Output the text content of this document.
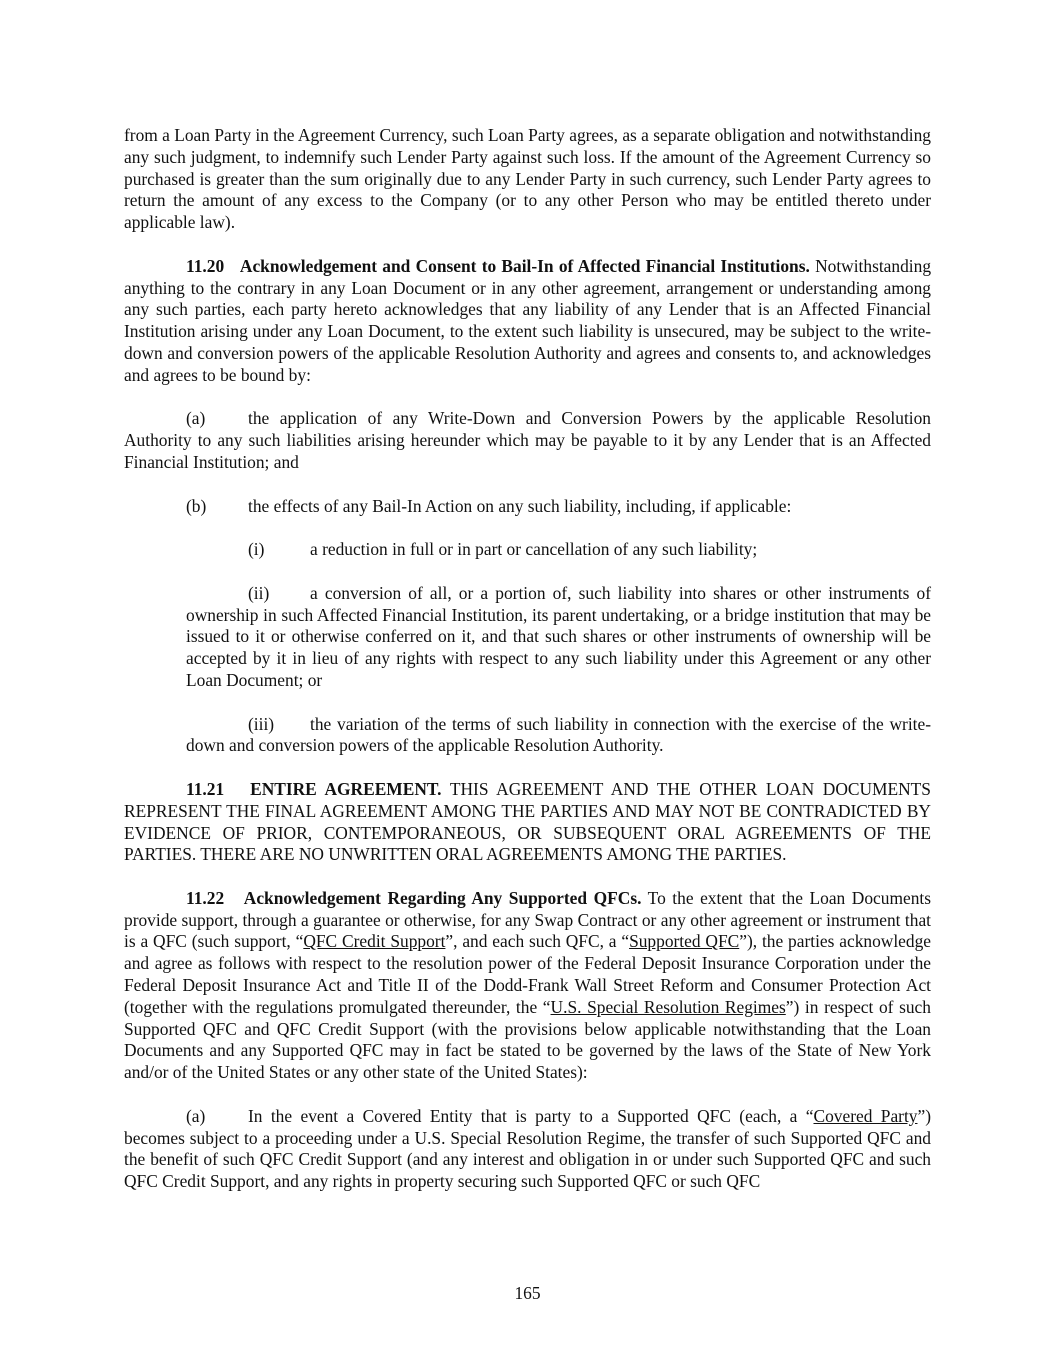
from a Loan Party in the Agreement Currency, such Loan Party agrees, as a separate obligation and notwithstanding any such judgment, to indemnify such Lender Party against such loss. If the amount of the Agreement Currency so purchased is greater than the sum originally due to any Lender Party in such currency, such Lender Party agrees to return the amount of any excess to the Company (or to any other Person who may be entitled thereto under applicable law).

11.20 Acknowledgement and Consent to Bail-In of Affected Financial Institutions. Notwithstanding anything to the contrary in any Loan Document or in any other agreement, arrangement or understanding among any such parties, each party hereto acknowledges that any liability of any Lender that is an Affected Financial Institution arising under any Loan Document, to the extent such liability is unsecured, may be subject to the write- down and conversion powers of the applicable Resolution Authority and agrees and consents to, and acknowledges and agrees to be bound by:

(a) the application of any Write-Down and Conversion Powers by the applicable Resolution Authority to any such liabilities arising hereunder which may be payable to it by any Lender that is an Affected Financial Institution; and

(b) the effects of any Bail-In Action on any such liability, including, if applicable:

(i)	a reduction in full or in part or cancellation of any such liability;

(ii) a conversion of all, or a portion of, such liability into shares or other instruments of ownership in such Affected Financial Institution, its parent undertaking, or a bridge institution that may be issued to it or otherwise conferred on it, and that such shares or other instruments of ownership will be accepted by it in lieu of any rights with respect to any such liability under this Agreement or any other Loan Document; or

(iii) the variation of the terms of such liability in connection with the exercise of the write-down and conversion powers of the applicable Resolution Authority.

11.21 ENTIRE AGREEMENT. THIS AGREEMENT AND THE OTHER LOAN DOCUMENTS REPRESENT THE FINAL AGREEMENT AMONG THE PARTIES AND MAY NOT BE CONTRADICTED BY EVIDENCE OF PRIOR, CONTEMPORANEOUS, OR SUBSEQUENT ORAL AGREEMENTS OF THE PARTIES. THERE ARE NO UNWRITTEN ORAL AGREEMENTS AMONG THE PARTIES.

11.22 Acknowledgement Regarding Any Supported QFCs. To the extent that the Loan Documents provide support, through a guarantee or otherwise, for any Swap Contract or any other agreement or instrument that is a QFC (such support, “QFC Credit Support”, and each such QFC, a “Supported QFC”), the parties acknowledge and agree as follows with respect to the resolution power of the Federal Deposit Insurance Corporation under the Federal Deposit Insurance Act and Title II of the Dodd-Frank Wall Street Reform and Consumer Protection Act (together with the regulations promulgated thereunder, the “U.S. Special Resolution Regimes”) in respect of such Supported QFC and QFC Credit Support (with the provisions below applicable notwithstanding that the Loan Documents and any Supported QFC may in fact be stated to be governed by the laws of the State of New York and/or of the United States or any other state of the United States):

(a) In the event a Covered Entity that is party to a Supported QFC (each, a “Covered Party”) becomes subject to a proceeding under a U.S. Special Resolution Regime, the transfer of such Supported QFC and the benefit of such QFC Credit Support (and any interest and obligation in or under such Supported QFC and such QFC Credit Support, and any rights in property securing such Supported QFC or such QFC

165
